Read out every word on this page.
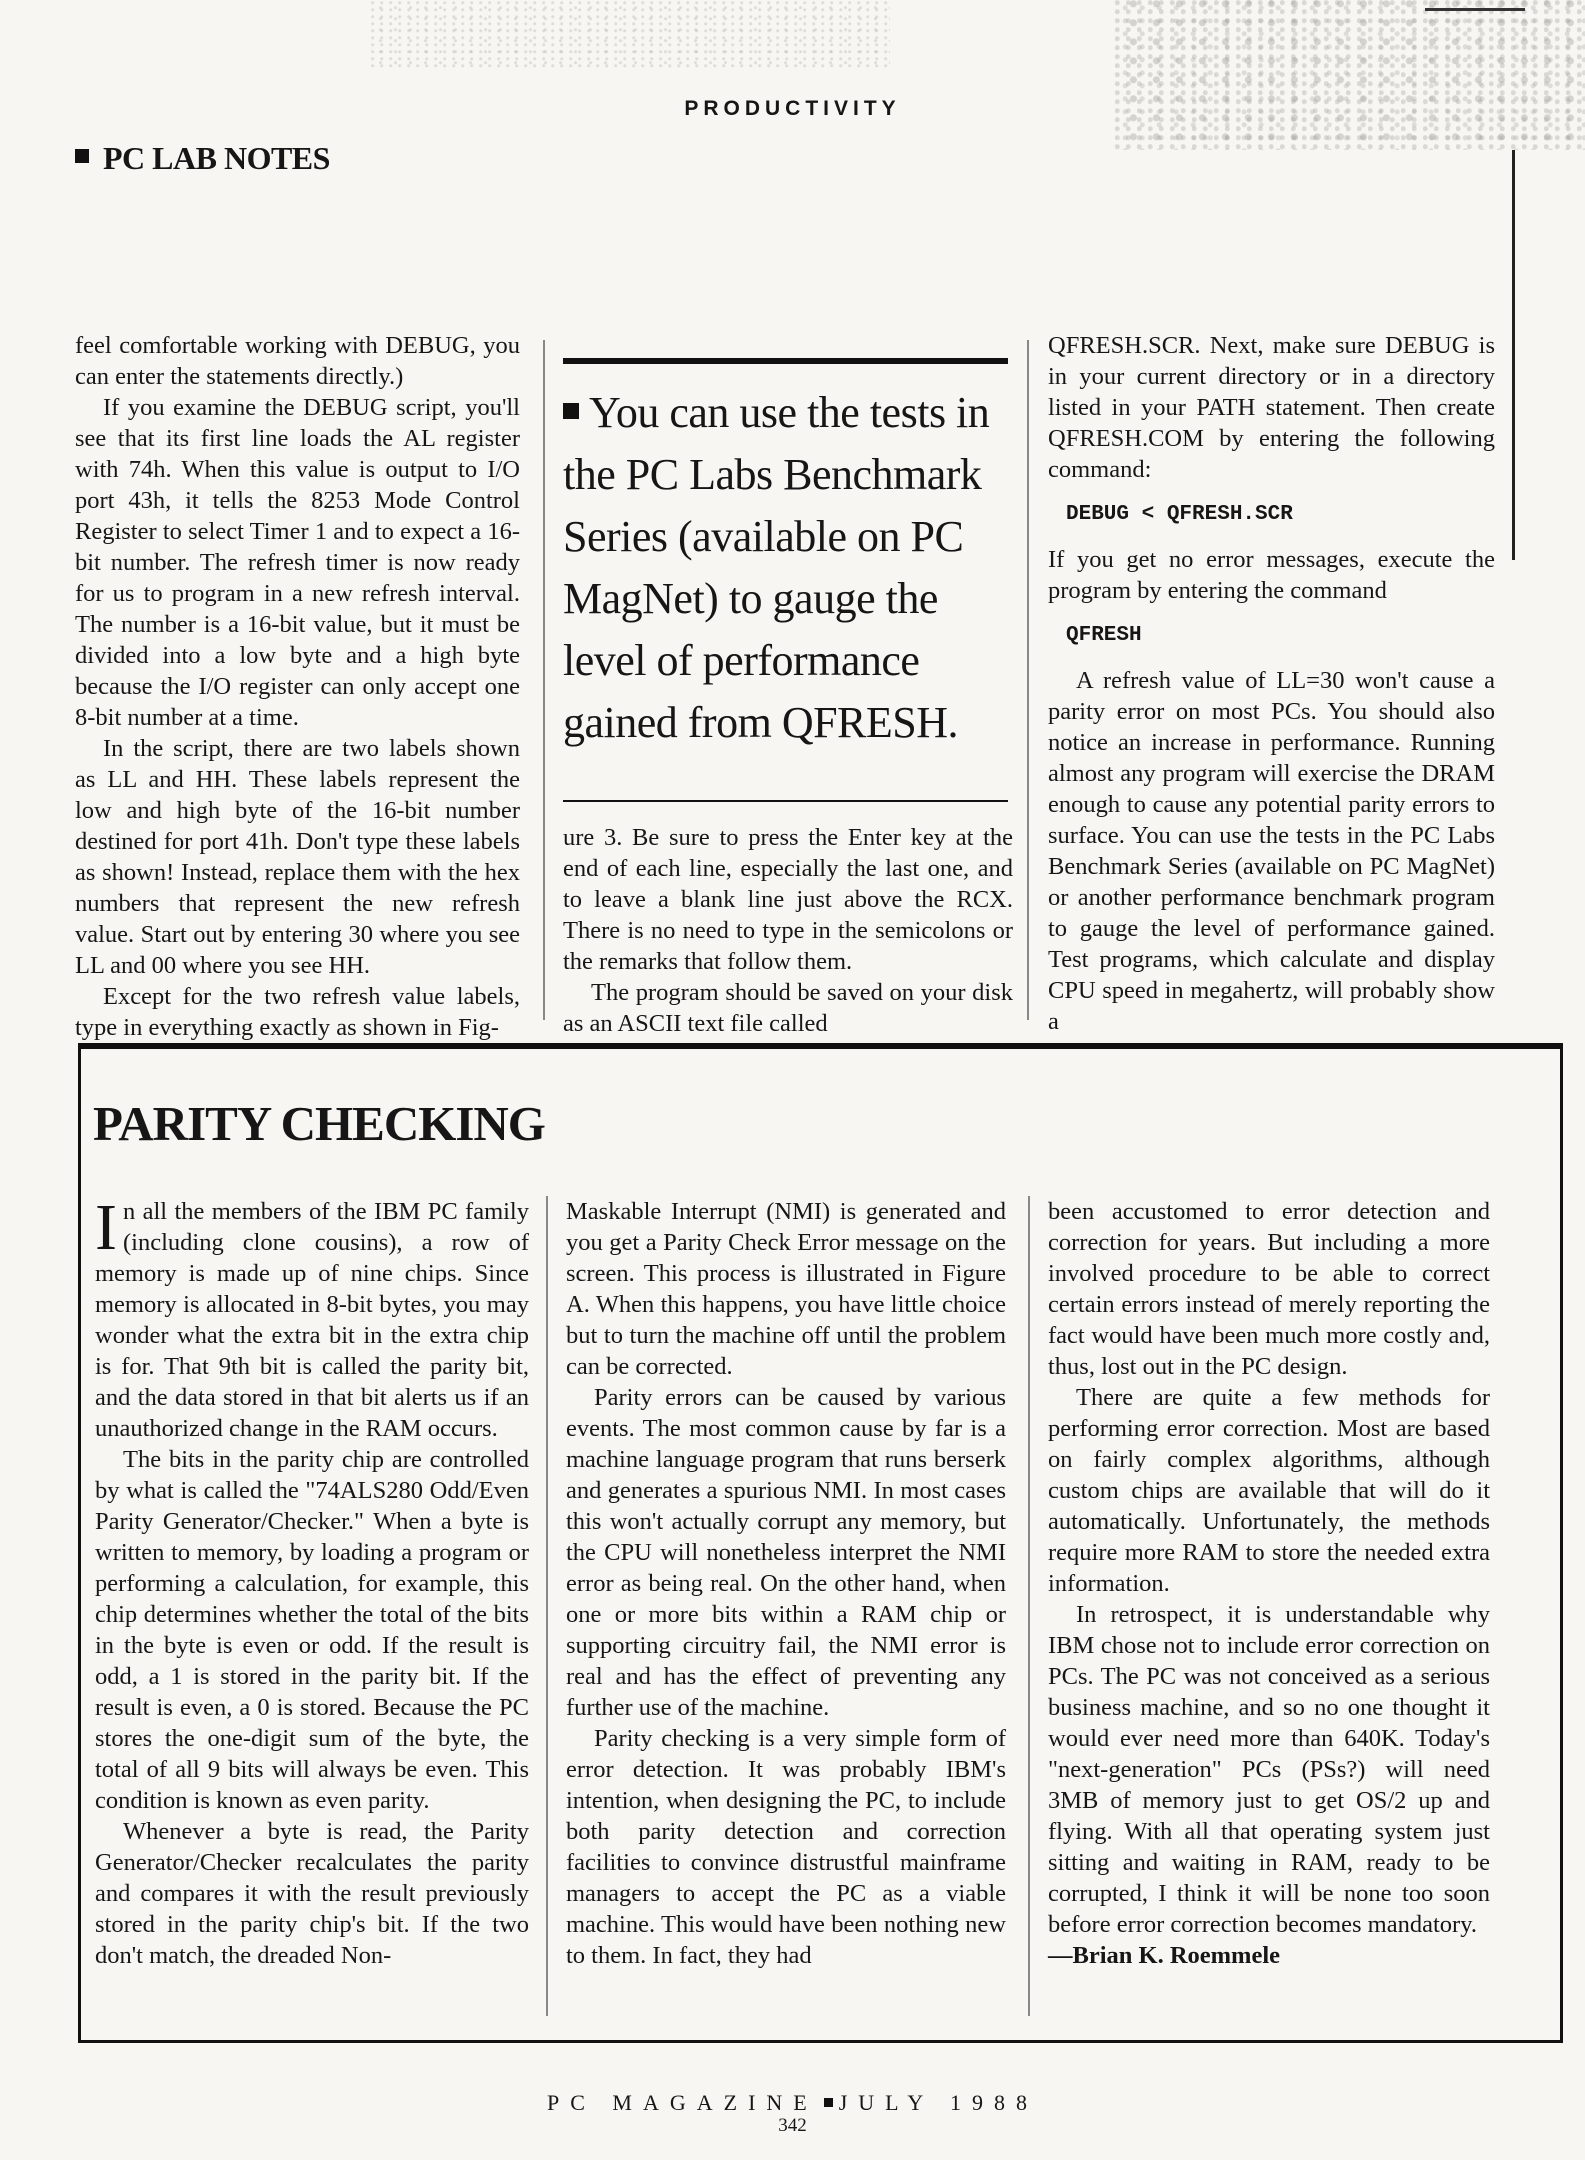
PRODUCTIVITY
PC LAB NOTES

feel comfortable working with DEBUG, you can enter the statements directly.)

If you examine the DEBUG script, you'll see that its first line loads the AL register with 74h. When this value is output to I/O port 43h, it tells the 8253 Mode Control Register to select Timer 1 and to expect a 16-bit number. The refresh timer is now ready for us to program in a new refresh interval. The number is a 16-bit value, but it must be divided into a low byte and a high byte because the I/O register can only accept one 8-bit number at a time.

In the script, there are two labels shown as LL and HH. These labels represent the low and high byte of the 16-bit number destined for port 41h. Don't type these labels as shown! Instead, replace them with the hex numbers that represent the new refresh value. Start out by entering 30 where you see LL and 00 where you see HH.

Except for the two refresh value labels, type in everything exactly as shown in Fig-

You can use the tests in the PC Labs Benchmark Series (available on PC MagNet) to gauge the level of performance gained from QFRESH.

ure 3. Be sure to press the Enter key at the end of each line, especially the last one, and to leave a blank line just above the RCX. There is no need to type in the semicolons or the remarks that follow them.

The program should be saved on your disk as an ASCII text file called

QFRESH.SCR. Next, make sure DEBUG is in your current directory or in a directory listed in your PATH statement. Then create QFRESH.COM by entering the following command:

DEBUG < QFRESH.SCR

If you get no error messages, execute the program by entering the command

QFRESH

A refresh value of LL=30 won't cause a parity error on most PCs. You should also notice an increase in performance. Running almost any program will exercise the DRAM enough to cause any potential parity errors to surface. You can use the tests in the PC Labs Benchmark Series (available on PC MagNet) or another performance benchmark program to gauge the level of performance gained. Test programs, which calculate and display CPU speed in megahertz, will probably show a

PARITY CHECKING

In all the members of the IBM PC family (including clone cousins), a row of memory is made up of nine chips. Since memory is allocated in 8-bit bytes, you may wonder what the extra bit in the extra chip is for. That 9th bit is called the parity bit, and the data stored in that bit alerts us if an unauthorized change in the RAM occurs.

The bits in the parity chip are controlled by what is called the "74ALS280 Odd/Even Parity Generator/Checker." When a byte is written to memory, by loading a program or performing a calculation, for example, this chip determines whether the total of the bits in the byte is even or odd. If the result is odd, a 1 is stored in the parity bit. If the result is even, a 0 is stored. Because the PC stores the one-digit sum of the byte, the total of all 9 bits will always be even. This condition is known as even parity.

Whenever a byte is read, the Parity Generator/Checker recalculates the parity and compares it with the result previously stored in the parity chip's bit. If the two don't match, the dreaded Non-

Maskable Interrupt (NMI) is generated and you get a Parity Check Error message on the screen. This process is illustrated in Figure A. When this happens, you have little choice but to turn the machine off until the problem can be corrected.

Parity errors can be caused by various events. The most common cause by far is a machine language program that runs berserk and generates a spurious NMI. In most cases this won't actually corrupt any memory, but the CPU will nonetheless interpret the NMI error as being real. On the other hand, when one or more bits within a RAM chip or supporting circuitry fail, the NMI error is real and has the effect of preventing any further use of the machine.

Parity checking is a very simple form of error detection. It was probably IBM's intention, when designing the PC, to include both parity detection and correction facilities to convince distrustful mainframe managers to accept the PC as a viable machine. This would have been nothing new to them. In fact, they had

been accustomed to error detection and correction for years. But including a more involved procedure to be able to correct certain errors instead of merely reporting the fact would have been much more costly and, thus, lost out in the PC design.

There are quite a few methods for performing error correction. Most are based on fairly complex algorithms, although custom chips are available that will do it automatically. Unfortunately, the methods require more RAM to store the needed extra information.

In retrospect, it is understandable why IBM chose not to include error correction on PCs. The PC was not conceived as a serious business machine, and so no one thought it would ever need more than 640K. Today's "next-generation" PCs (PSs?) will need 3MB of memory just to get OS/2 up and flying. With all that operating system just sitting and waiting in RAM, ready to be corrupted, I think it will be none too soon before error correction becomes mandatory.

—Brian K. Roemmele

PC MAGAZINE JULY 1988
342
